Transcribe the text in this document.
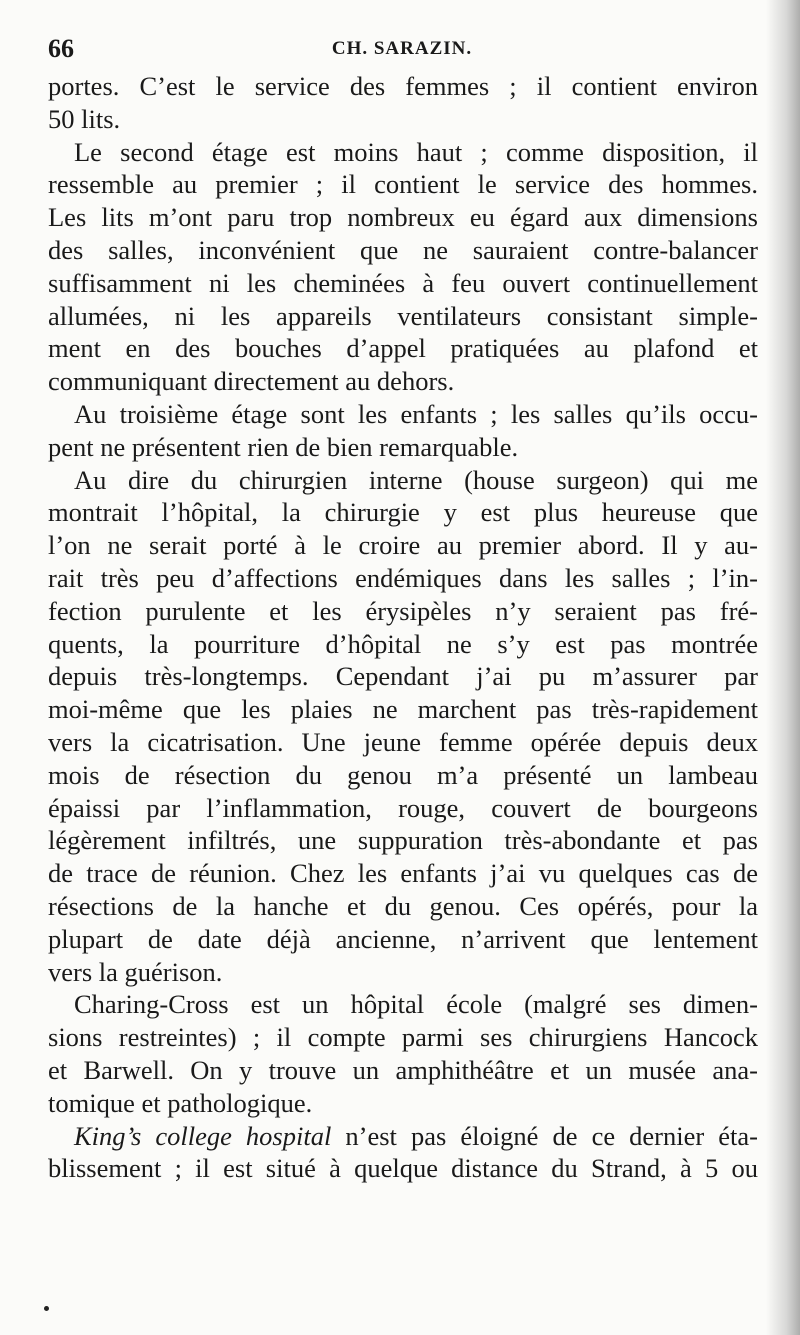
66	CH. SARAZIN.
portes. C’est le service des femmes ; il contient environ
50 lits.
Le second étage est moins haut ; comme disposition, il
ressemble au premier ; il contient le service des hommes.
Les lits m’ont paru trop nombreux eu égard aux dimensions
des salles, inconvénient que ne sauraient contre-balancer
suffisamment ni les cheminées à feu ouvert continuellement
allumées, ni les appareils ventilateurs consistant simple-
ment en des bouches d’appel pratiquées au plafond et
communiquant directement au dehors.
Au troisième étage sont les enfants ; les salles qu’ils occu-
pent ne présentent rien de bien remarquable.
Au dire du chirurgien interne (house surgeon) qui me
montrait l’hôpital, la chirurgie y est plus heureuse que
l’on ne serait porté à le croire au premier abord. Il y au-
rait très peu d’affections endémiques dans les salles ; l’in-
fection purulente et les érysipèles n’y seraient pas fré-
quents, la pourriture d’hôpital ne s’y est pas montrée
depuis très-longtemps. Cependant j’ai pu m’assurer par
moi-même que les plaies ne marchent pas très-rapidement
vers la cicatrisation. Une jeune femme opérée depuis deux
mois de résection du genou m’a présenté un lambeau
épaissi par l’inflammation, rouge, couvert de bourgeons
légèrement infiltrés, une suppuration très-abondante et pas
de trace de réunion. Chez les enfants j’ai vu quelques cas de
résections de la hanche et du genou. Ces opérés, pour la
plupart de date déjà ancienne, n’arrivent que lentement
vers la guérison.
Charing-Cross est un hôpital école (malgré ses dimen-
sions restreintes) ; il compte parmi ses chirurgiens Hancock
et Barwell. On y trouve un amphithéâtre et un musée ana-
tomique et pathologique.
King’s college hospital n’est pas éloigné de ce dernier éta-
blissement ; il est situé à quelque distance du Strand, à 5 ou
